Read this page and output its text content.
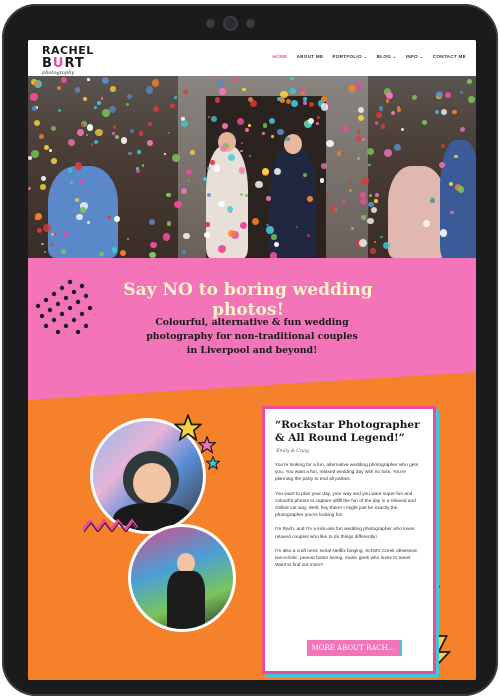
RACHEL
BURT
photography
HOME ABOUT ME PORTFOLIO ⌄ BLOG ⌄ INFO ⌄ CONTACT ME
Say NO to boring wedding photos!
Colourful, alternative & fun wedding photography for non-traditional couples in Liverpool and beyond!
“Rockstar Photographer & All Round Legend!”
-Emily & Craig

You're looking for a fun, alternative wedding photographer who gets you. You want a fun, relaxed wedding day with no fuss. You're planning the party to end all parties.

You want to plan your day, your way and you want super-fun and colourful photos to capture allllll the fun of the day in a relaxed and chilled out way. Well, hey there! I might just be exactly the photographer you're looking for!

I'm Rach, and I'm a kick-ass fun wedding photographer who loves relaxed couples who like to do things differently!

I'm also a craft nerd, serial Netflix binging, Schitt's Creek obsessed, tea-a-holic, peanut butter loving, music geek who loves to travel. Want to find out more?

MORE ABOUT RACH...
